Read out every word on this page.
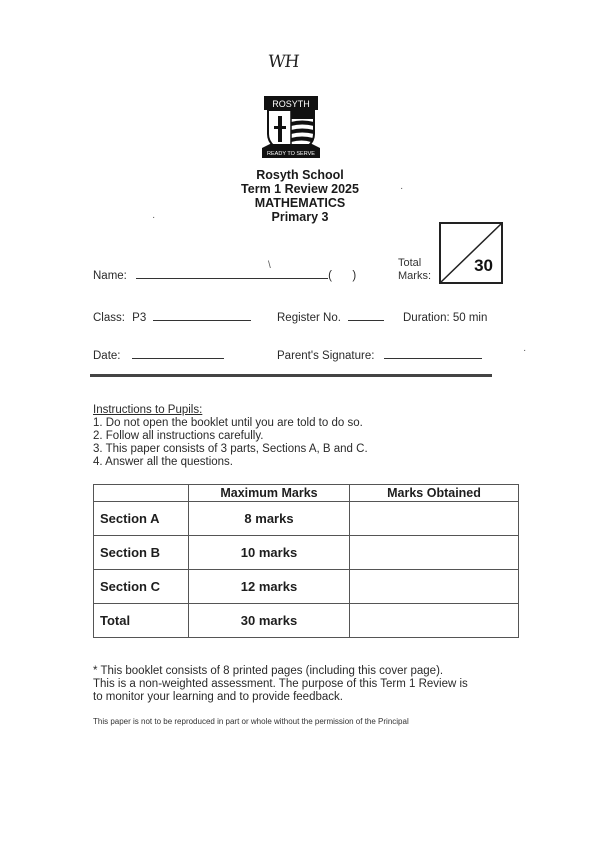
WH
ROSYTH
READY TO SERVE
Rosyth School
Term 1 Review 2025
MATHEMATICS
Primary 3
·
·
\
·
Name:	( )
Total
Marks:
30
Class: P3	Register No.	Duration: 50 min
Date:	Parent's Signature:
Instructions to Pupils:
1. Do not open the booklet until you are told to do so.
2. Follow all instructions carefully.
3. This paper consists of 3 parts, Sections A, B and C.
4. Answer all the questions.
	Maximum Marks	Marks Obtained
Section A	8 marks	
Section B	10 marks	
Section C	12 marks	
Total	30 marks	
* This booklet consists of 8 printed pages (including this cover page).
This is a non-weighted assessment. The purpose of this Term 1 Review is
to monitor your learning and to provide feedback.
This paper is not to be reproduced in part or whole without the permission of the Principal
